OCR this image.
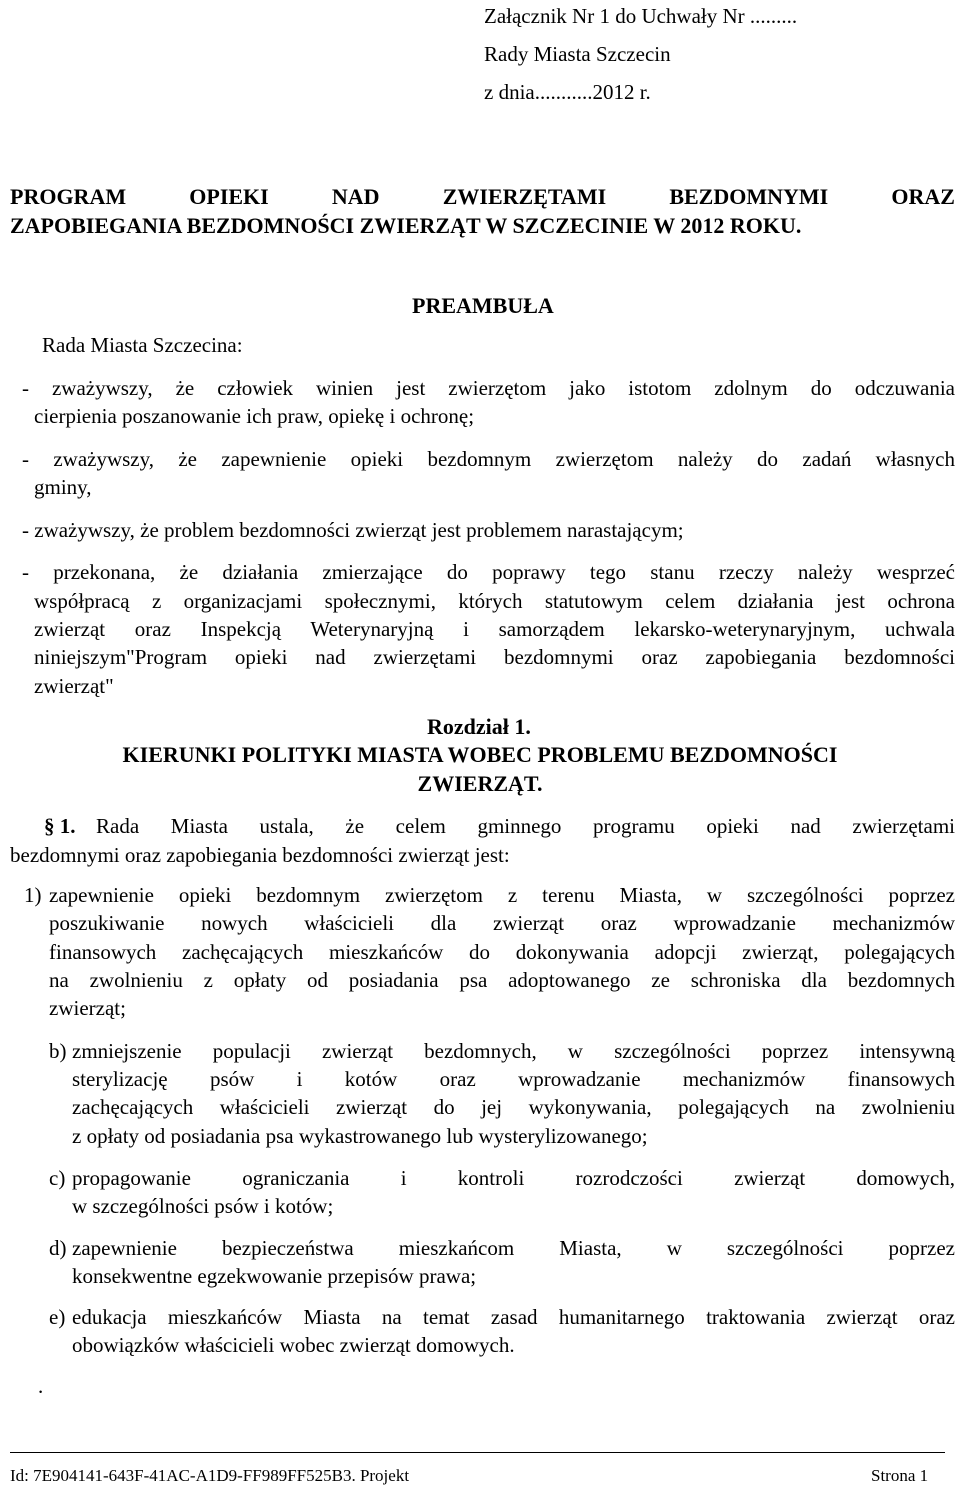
Załącznik Nr 1 do Uchwały Nr .........
Rady Miasta Szczecin
z dnia...........2012 r.
PROGRAM	OPIEKI	NAD	ZWIERZĘTAMI	BEZDOMNYMI	ORAZ
ZAPOBIEGANIA BEZDOMNOŚCI ZWIERZĄT W SZCZECINIE W 2012 ROKU.
PREAMBUŁA
Rada Miasta Szczecina:
- zważywszy, że człowiek winien jest zwierzętom jako istotom zdolnym do odczuwania
cierpienia poszanowanie ich praw, opiekę i ochronę;
- zważywszy, że zapewnienie opieki bezdomnym zwierzętom należy do zadań własnych
gminy,
- zważywszy, że problem bezdomności zwierząt jest problemem narastającym;
- przekonana, że działania zmierzające do poprawy tego stanu rzeczy należy wesprzeć
współpracą z organizacjami społecznymi, których statutowym celem działania jest ochrona
zwierząt oraz Inspekcją Weterynaryjną i samorządem lekarsko-weterynaryjnym, uchwala
niniejszym"Program opieki nad zwierzętami bezdomnymi oraz zapobiegania bezdomności
zwierząt"
Rozdział 1.
KIERUNKI POLITYKI MIASTA WOBEC PROBLEMU BEZDOMNOŚCI
ZWIERZĄT.
§ 1. Rada Miasta ustala, że celem gminnego programu opieki nad zwierzętami
bezdomnymi oraz zapobiegania bezdomności zwierząt jest:
1) zapewnienie opieki bezdomnym zwierzętom z terenu Miasta, w szczególności poprzez
poszukiwanie nowych właścicieli dla zwierząt oraz wprowadzanie mechanizmów
finansowych zachęcających mieszkańców do dokonywania adopcji zwierząt, polegających
na zwolnieniu z opłaty od posiadania psa adoptowanego ze schroniska dla bezdomnych
zwierząt;
b) zmniejszenie populacji zwierząt bezdomnych, w szczególności poprzez intensywną
sterylizację psów i kotów oraz wprowadzanie mechanizmów finansowych
zachęcających właścicieli zwierząt do jej wykonywania, polegających na zwolnieniu
z opłaty od posiadania psa wykastrowanego lub wysterylizowanego;
c) propagowanie ograniczania i kontroli rozrodczości zwierząt domowych,
w szczególności psów i kotów;
d) zapewnienie bezpieczeństwa mieszkańcom Miasta, w szczególności poprzez
konsekwentne egzekwowanie przepisów prawa;
e) edukacja mieszkańców Miasta na temat zasad humanitarnego traktowania zwierząt oraz
obowiązków właścicieli wobec zwierząt domowych.
.
Id: 7E904141-643F-41AC-A1D9-FF989FF525B3. Projekt	Strona 1
